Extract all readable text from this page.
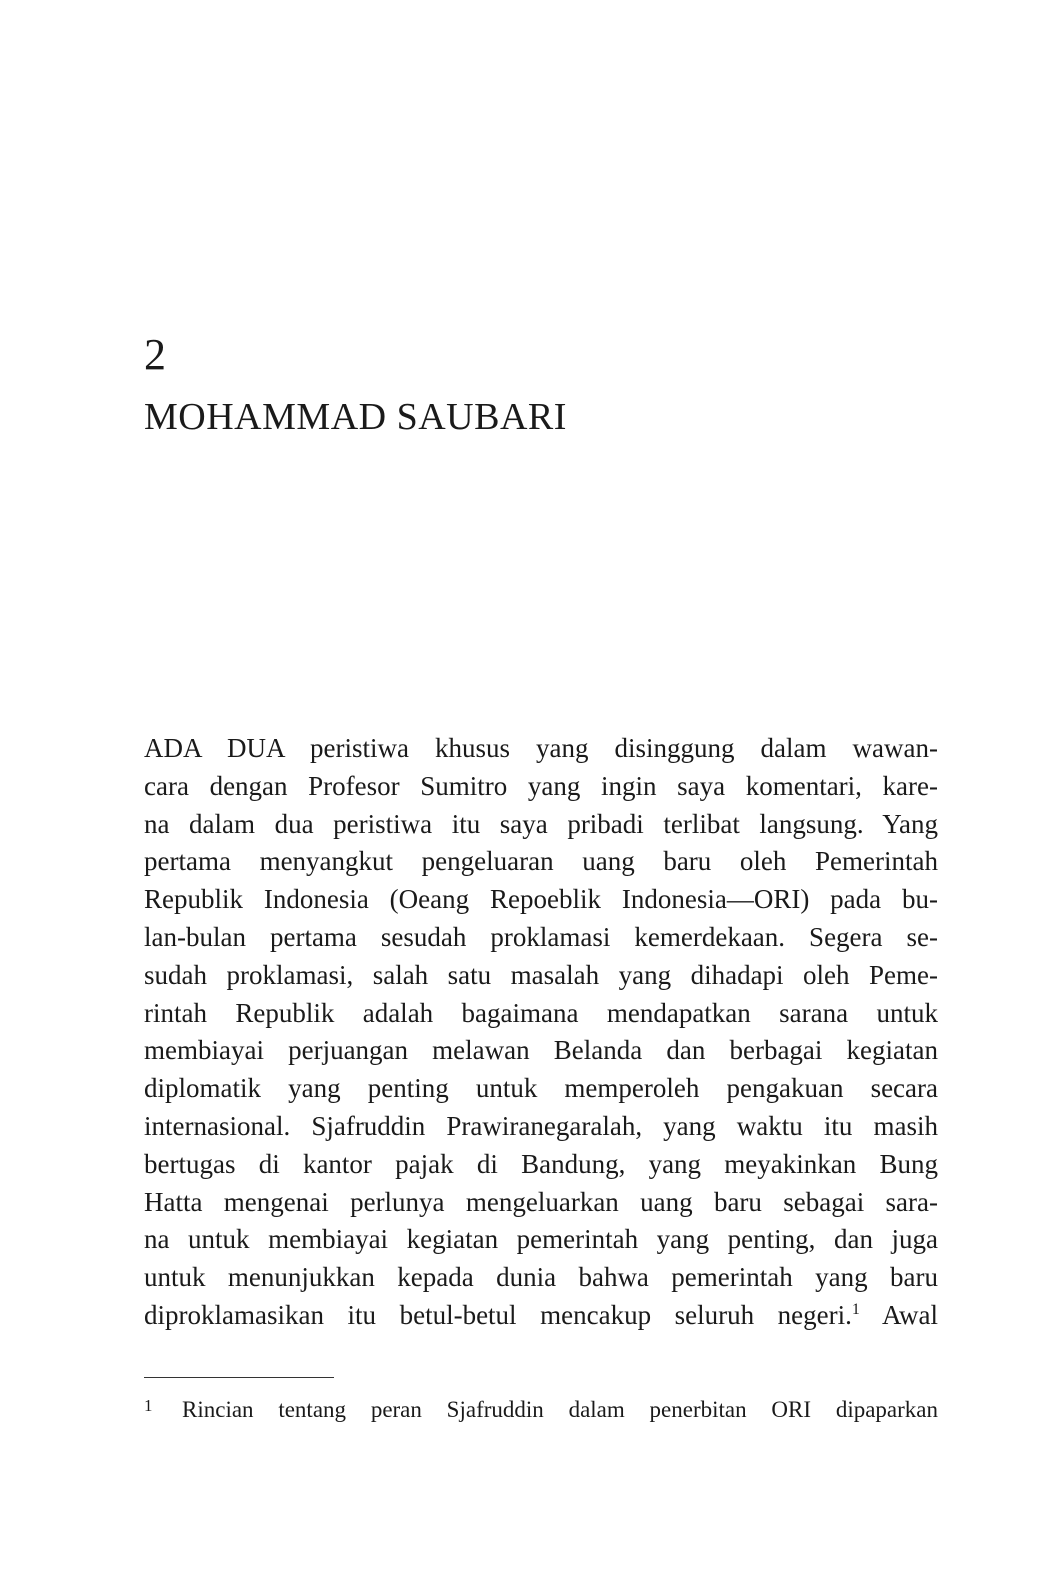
2
MOHAMMAD SAUBARI
ADA DUA peristiwa khusus yang disinggung dalam wawan-
cara dengan Profesor Sumitro yang ingin saya komentari, kare-
na dalam dua peristiwa itu saya pribadi terlibat langsung. Yang
pertama menyangkut pengeluaran uang baru oleh Pemerintah
Republik Indonesia (Oeang Repoeblik Indonesia—ORI) pada bu-
lan-bulan pertama sesudah proklamasi kemerdekaan. Segera se-
sudah proklamasi, salah satu masalah yang dihadapi oleh Peme-
rintah Republik adalah bagaimana mendapatkan sarana untuk
membiayai perjuangan melawan Belanda dan berbagai kegiatan
diplomatik yang penting untuk memperoleh pengakuan secara
internasional. Sjafruddin Prawiranegaralah, yang waktu itu masih
bertugas di kantor pajak di Bandung, yang meyakinkan Bung
Hatta mengenai perlunya mengeluarkan uang baru sebagai sara-
na untuk membiayai kegiatan pemerintah yang penting, dan juga
untuk menunjukkan kepada dunia bahwa pemerintah yang baru
diproklamasikan itu betul-betul mencakup seluruh negeri.$^1$ Awal
1 Rincian tentang peran Sjafruddin dalam penerbitan ORI dipaparkan
